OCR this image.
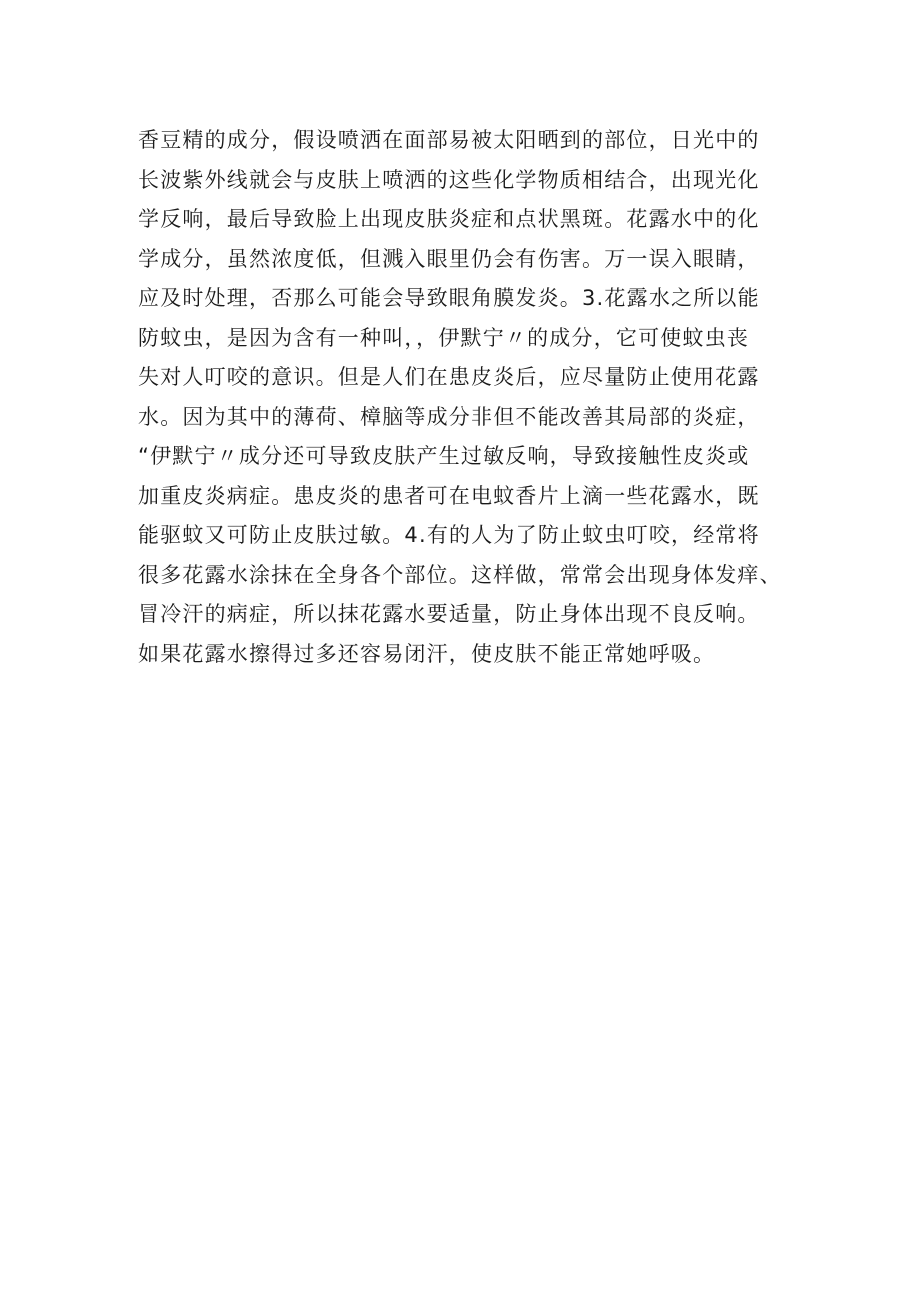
香豆精的成分，假设喷洒在面部易被太阳晒到的部位，日光中的
长波紫外线就会与皮肤上喷洒的这些化学物质相结合，出现光化
学反响，最后导致脸上出现皮肤炎症和点状黑斑。花露水中的化
学成分，虽然浓度低，但溅入眼里仍会有伤害。万一误入眼睛，
应及时处理，否那么可能会导致眼角膜发炎。3.花露水之所以能
防蚊虫，是因为含有一种叫，，伊默宁〃的成分，它可使蚊虫丧
失对人叮咬的意识。但是人们在患皮炎后，应尽量防止使用花露
水。因为其中的薄荷、樟脑等成分非但不能改善其局部的炎症，
“伊默宁〃成分还可导致皮肤产生过敏反响，导致接触性皮炎或
加重皮炎病症。患皮炎的患者可在电蚊香片上滴一些花露水，既
能驱蚊又可防止皮肤过敏。4.有的人为了防止蚊虫叮咬，经常将
很多花露水涂抹在全身各个部位。这样做，常常会出现身体发痒、
冒冷汗的病症，所以抹花露水要适量，防止身体出现不良反响。
如果花露水擦得过多还容易闭汗，使皮肤不能正常她呼吸。
